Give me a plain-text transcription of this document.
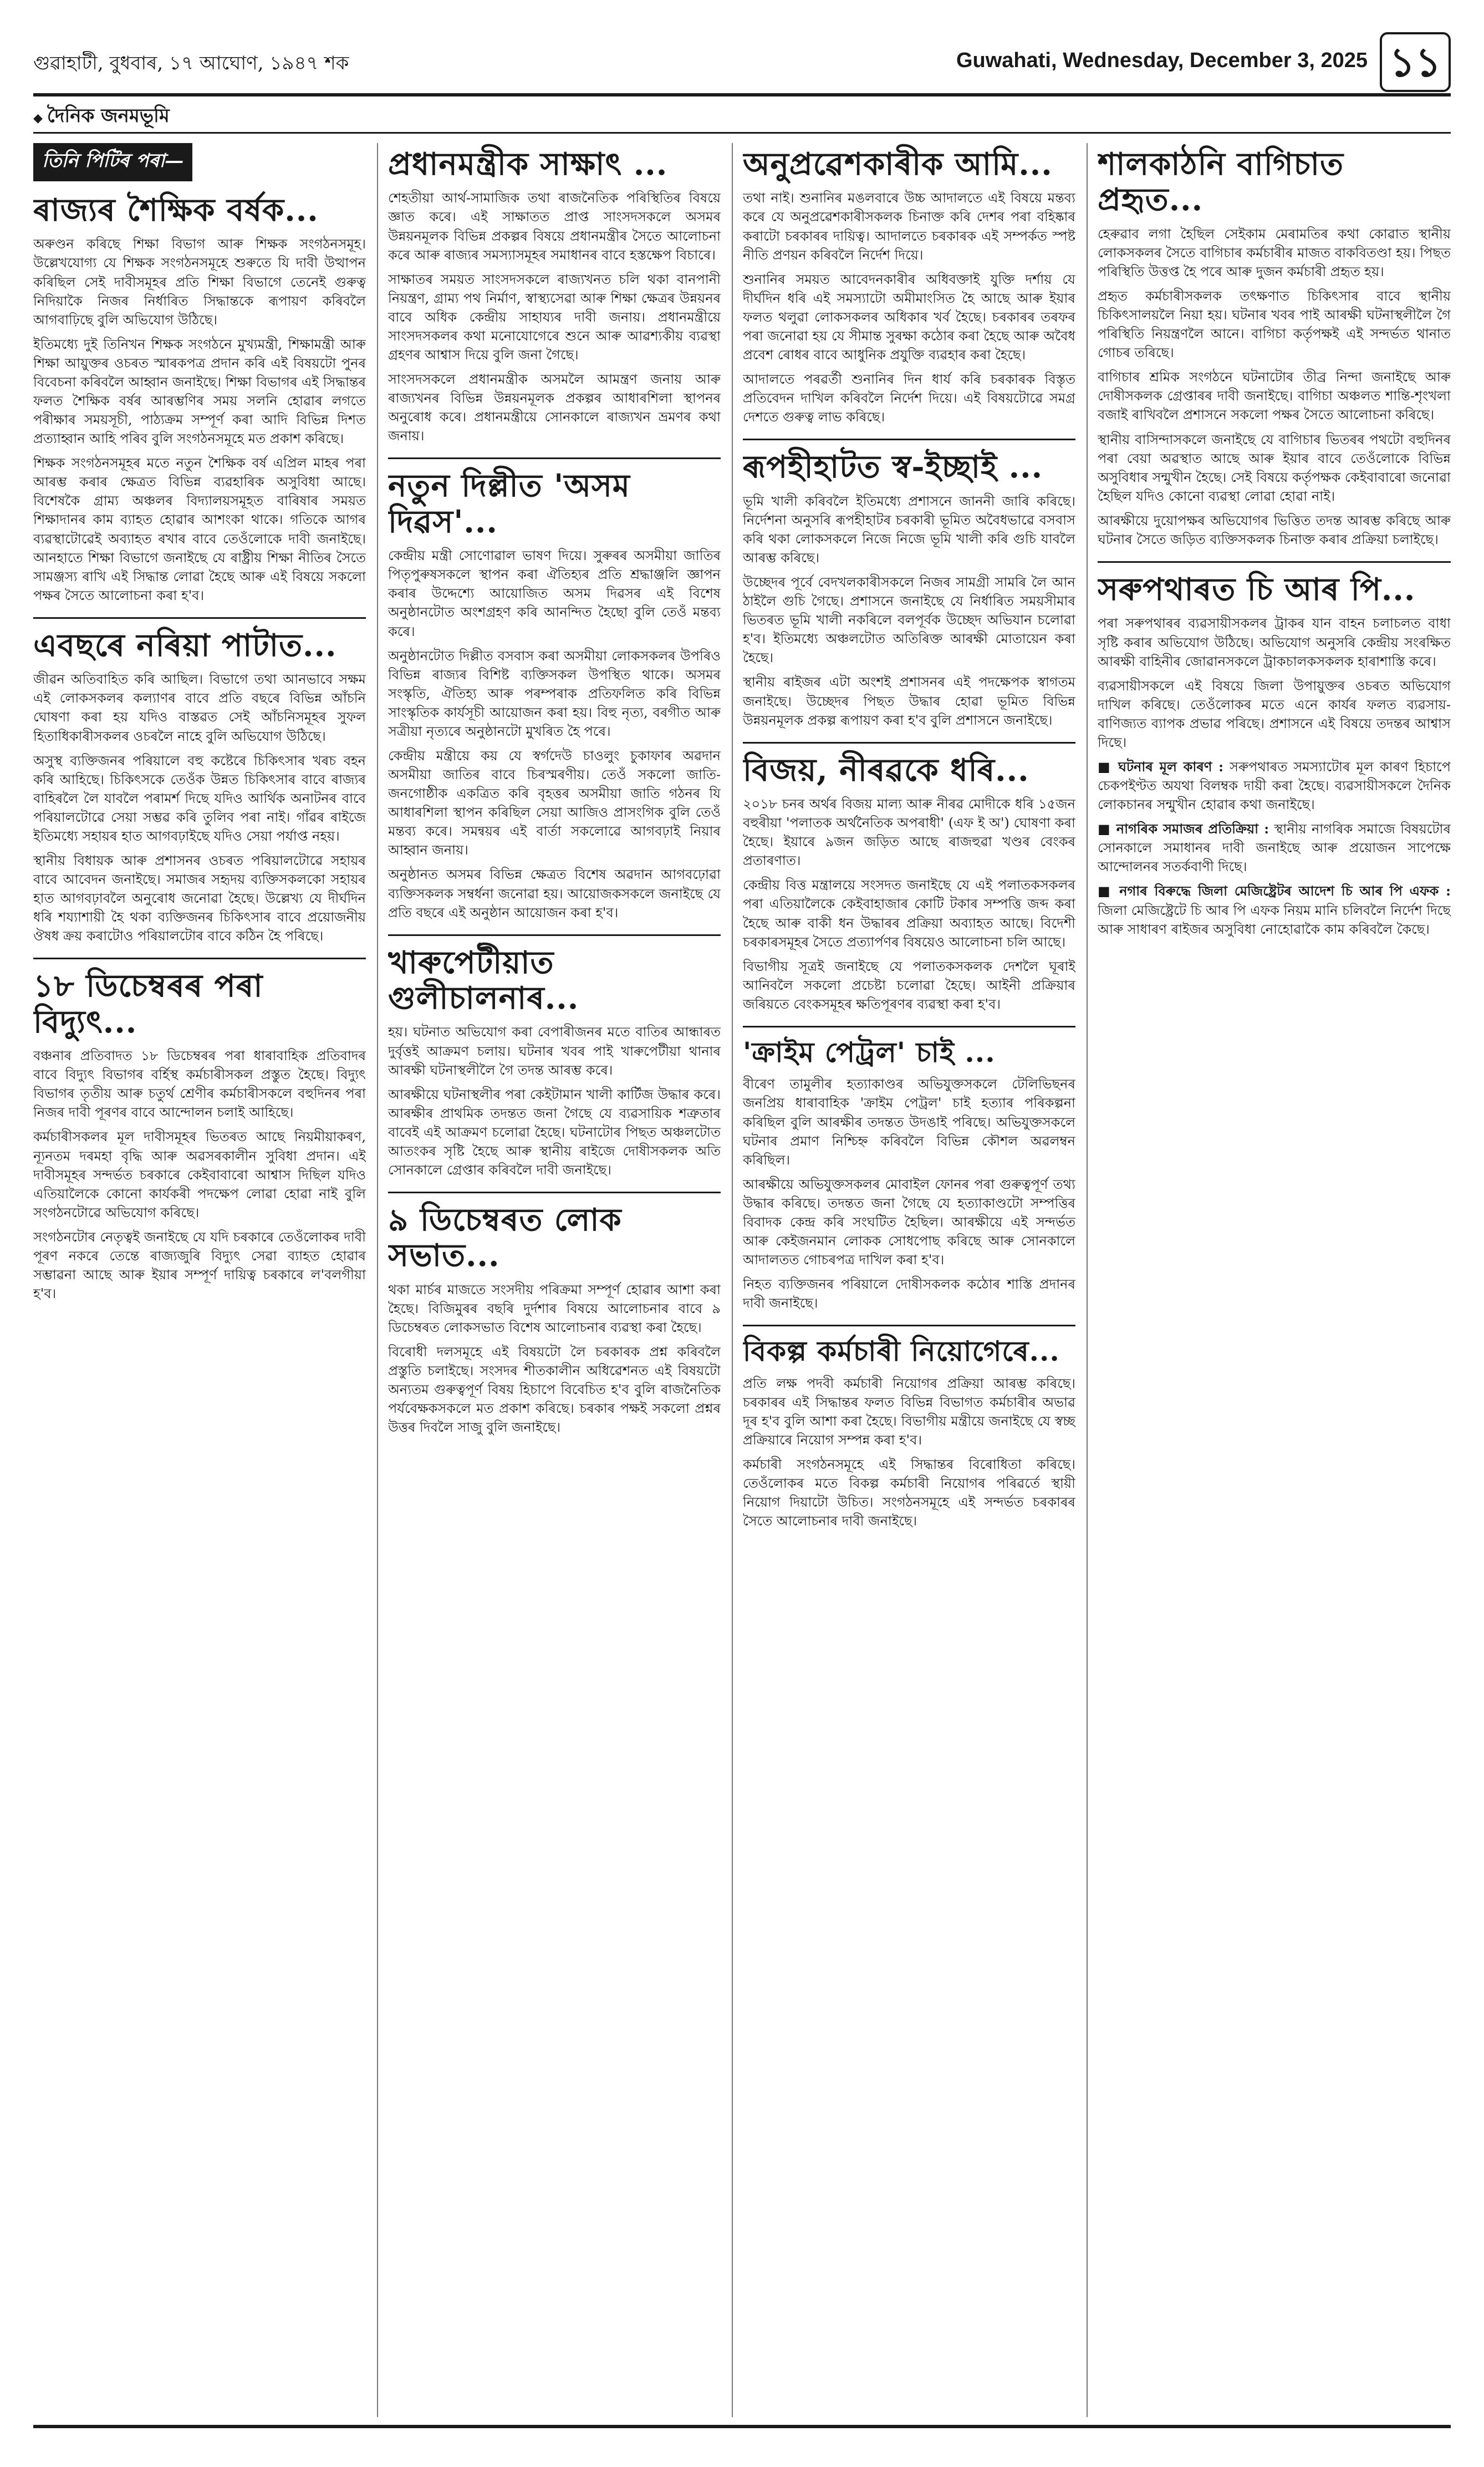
গুৱাহাটী, বুধবাৰ, ১৭ আঘোণ, ১৯৪৭ শক	Guwahati, Wednesday, December 3, 2025 ১১
◆ দৈনিক জনমভূমি
তিনি পিটিৰ পৰা—
ৰাজ্যৰ শৈক্ষিক বৰ্ষক...

অৰুণ্ডন কৰিছে শিক্ষা বিভাগ আৰু শিক্ষক সংগঠনসমূহ। উল্লেখযোগ্য যে শিক্ষক সংগঠনসমূহে শুৰুতে যি দাবী উত্থাপন কৰিছিল সেই দাবীসমূহৰ প্ৰতি শিক্ষা বিভাগে তেনেই গুৰুত্ব নিদিয়াকৈ নিজৰ নিৰ্ধাৰিত সিদ্ধান্তকে ৰূপায়ণ কৰিবলৈ আগবাঢ়িছে বুলি অভিযোগ উঠিছে।

ইতিমধ্যে দুই তিনিখন শিক্ষক সংগঠনে মুখ্যমন্ত্ৰী, শিক্ষামন্ত্ৰী আৰু শিক্ষা আয়ুক্তৰ ওচৰত স্মাৰকপত্ৰ প্ৰদান কৰি এই বিষয়টো পুনৰ বিবেচনা কৰিবলৈ আহ্বান জনাইছে। শিক্ষা বিভাগৰ এই সিদ্ধান্তৰ ফলত শৈক্ষিক বৰ্ষৰ আৰম্ভণিৰ সময় সলনি হোৱাৰ লগতে পৰীক্ষাৰ সময়সূচী, পাঠ্যক্ৰম সম্পূৰ্ণ কৰা আদি বিভিন্ন দিশত প্ৰত্যাহ্বান আহি পৰিব বুলি সংগঠনসমূহে মত প্ৰকাশ কৰিছে।

শিক্ষক সংগঠনসমূহৰ মতে নতুন শৈক্ষিক বৰ্ষ এপ্ৰিল মাহৰ পৰা আৰম্ভ কৰাৰ ক্ষেত্ৰত বিভিন্ন ব্যৱহাৰিক অসুবিধা আছে। বিশেষকৈ গ্ৰাম্য অঞ্চলৰ বিদ্যালয়সমূহত বাৰিষাৰ সময়ত শিক্ষাদানৰ কাম ব্যাহত হোৱাৰ আশংকা থাকে। গতিকে আগৰ ব্যৱস্থাটোৱেই অব্যাহত ৰখাৰ বাবে তেওঁলোকে দাবী জনাইছে। আনহাতে শিক্ষা বিভাগে জনাইছে যে ৰাষ্ট্ৰীয় শিক্ষা নীতিৰ সৈতে সামঞ্জস্য ৰাখি এই সিদ্ধান্ত লোৱা হৈছে আৰু এই বিষয়ে সকলো পক্ষৰ সৈতে আলোচনা কৰা হ'ব।

এবছৰে নৰিয়া পাটাত...

জীৱন অতিবাহিত কৰি আছিল। বিভাগে তথা আনভাবে সক্ষম এই লোকসকলৰ কল্যাণৰ বাবে প্ৰতি বছৰে বিভিন্ন আঁচনি ঘোষণা কৰা হয় যদিও বাস্তৱত সেই আঁচনিসমূহৰ সুফল হিতাধিকাৰীসকলৰ ওচৰলৈ নাহে বুলি অভিযোগ উঠিছে।

অসুস্থ ব্যক্তিজনৰ পৰিয়ালে বহু কষ্টেৰে চিকিৎসাৰ খৰচ বহন কৰি আহিছে। চিকিৎসকে তেওঁক উন্নত চিকিৎসাৰ বাবে ৰাজ্যৰ বাহিৰলৈ লৈ যাবলৈ পৰামৰ্শ দিছে যদিও আৰ্থিক অনাটনৰ বাবে পৰিয়ালটোৱে সেয়া সম্ভৱ কৰি তুলিব পৰা নাই। গাঁৱৰ ৰাইজে ইতিমধ্যে সহায়ৰ হাত আগবঢ়াইছে যদিও সেয়া পৰ্যাপ্ত নহয়।

স্থানীয় বিধায়ক আৰু প্ৰশাসনৰ ওচৰত পৰিয়ালটোৱে সহায়ৰ বাবে আবেদন জনাইছে। সমাজৰ সহৃদয় ব্যক্তিসকলকো সহায়ৰ হাত আগবঢ়াবলৈ অনুৰোধ জনোৱা হৈছে। উল্লেখ্য যে দীৰ্ঘদিন ধৰি শয্যাশায়ী হৈ থকা ব্যক্তিজনৰ চিকিৎসাৰ বাবে প্ৰয়োজনীয় ঔষধ ক্ৰয় কৰাটোও পৰিয়ালটোৰ বাবে কঠিন হৈ পৰিছে।

১৮ ডিচেম্বৰৰ পৰা বিদ্যুৎ...

বঞ্চনাৰ প্ৰতিবাদত ১৮ ডিচেম্বৰৰ পৰা ধাৰাবাহিক প্ৰতিবাদৰ বাবে বিদ্যুৎ বিভাগৰ বৰ্হিস্থ কৰ্মচাৰীসকল প্ৰস্তুত হৈছে। বিদ্যুৎ বিভাগৰ তৃতীয় আৰু চতুৰ্থ শ্ৰেণীৰ কৰ্মচাৰীসকলে বহুদিনৰ পৰা নিজৰ দাবী পূৰণৰ বাবে আন্দোলন চলাই আহিছে।

কৰ্মচাৰীসকলৰ মূল দাবীসমূহৰ ভিতৰত আছে নিয়মীয়াকৰণ, ন্যূনতম দৰমহা বৃদ্ধি আৰু অৱসৰকালীন সুবিধা প্ৰদান। এই দাবীসমূহৰ সন্দৰ্ভত চৰকাৰে কেইবাবাৰো আশ্বাস দিছিল যদিও এতিয়ালৈকে কোনো কাৰ্যকৰী পদক্ষেপ লোৱা হোৱা নাই বুলি সংগঠনটোৱে অভিযোগ কৰিছে।

সংগঠনটোৰ নেতৃত্বই জনাইছে যে যদি চৰকাৰে তেওঁলোকৰ দাবী পূৰণ নকৰে তেন্তে ৰাজ্যজুৰি বিদ্যুৎ সেৱা ব্যাহত হোৱাৰ সম্ভাৱনা আছে আৰু ইয়াৰ সম্পূৰ্ণ দায়িত্ব চৰকাৰে ল'বলগীয়া হ'ব।

প্ৰধানমন্ত্ৰীক সাক্ষাৎ ...

শেহতীয়া আৰ্থ-সামাজিক তথা ৰাজনৈতিক পৰিস্থিতিৰ বিষয়ে জ্ঞাত কৰে। এই সাক্ষাতত প্ৰাপ্ত সাংসদসকলে অসমৰ উন্নয়নমূলক বিভিন্ন প্ৰকল্পৰ বিষয়ে প্ৰধানমন্ত্ৰীৰ সৈতে আলোচনা কৰে আৰু ৰাজ্যৰ সমস্যাসমূহৰ সমাধানৰ বাবে হস্তক্ষেপ বিচাৰে।

সাক্ষাতৰ সময়ত সাংসদসকলে ৰাজ্যখনত চলি থকা বানপানী নিয়ন্ত্ৰণ, গ্ৰাম্য পথ নিৰ্মাণ, স্বাস্থ্যসেৱা আৰু শিক্ষা ক্ষেত্ৰৰ উন্নয়নৰ বাবে অধিক কেন্দ্ৰীয় সাহায্যৰ দাবী জনায়। প্ৰধানমন্ত্ৰীয়ে সাংসদসকলৰ কথা মনোযোগেৰে শুনে আৰু আৱশ্যকীয় ব্যৱস্থা গ্ৰহণৰ আশ্বাস দিয়ে বুলি জনা গৈছে।

সাংসদসকলে প্ৰধানমন্ত্ৰীক অসমলৈ আমন্ত্ৰণ জনায় আৰু ৰাজ্যখনৰ বিভিন্ন উন্নয়নমূলক প্ৰকল্পৰ আধাৰশিলা স্থাপনৰ অনুৰোধ কৰে। প্ৰধানমন্ত্ৰীয়ে সোনকালে ৰাজ্যখন ভ্ৰমণৰ কথা জনায়।

নতুন দিল্লীত 'অসম দিৱস'...

কেন্দ্ৰীয় মন্ত্ৰী সোণোৱাল ভাষণ দিয়ে। সুৰুৰৰ অসমীয়া জাতিৰ পিতৃপুৰুষসকলে স্থাপন কৰা ঐতিহ্যৰ প্ৰতি শ্ৰদ্ধাঞ্জলি জ্ঞাপন কৰাৰ উদ্দেশ্যে আয়োজিত অসম দিৱসৰ এই বিশেষ অনুষ্ঠানটোত অংশগ্ৰহণ কৰি আনন্দিত হৈছো বুলি তেওঁ মন্তব্য কৰে।

অনুষ্ঠানটোত দিল্লীত বসবাস কৰা অসমীয়া লোকসকলৰ উপৰিও বিভিন্ন ৰাজ্যৰ বিশিষ্ট ব্যক্তিসকল উপস্থিত থাকে। অসমৰ সংস্কৃতি, ঐতিহ্য আৰু পৰম্পৰাক প্ৰতিফলিত কৰি বিভিন্ন সাংস্কৃতিক কাৰ্যসূচী আয়োজন কৰা হয়। বিহু নৃত্য, বৰগীত আৰু সত্ৰীয়া নৃত্যৰে অনুষ্ঠানটো মুখৰিত হৈ পৰে।

কেন্দ্ৰীয় মন্ত্ৰীয়ে কয় যে স্বৰ্গদেউ চাওলুং চুকাফাৰ অৱদান অসমীয়া জাতিৰ বাবে চিৰস্মৰণীয়। তেওঁ সকলো জাতি-জনগোষ্ঠীক একত্ৰিত কৰি বৃহত্তৰ অসমীয়া জাতি গঠনৰ যি আধাৰশিলা স্থাপন কৰিছিল সেয়া আজিও প্ৰাসংগিক বুলি তেওঁ মন্তব্য কৰে। সমন্বয়ৰ এই বাৰ্তা সকলোৱে আগবঢ়াই নিয়াৰ আহ্বান জনায়।

অনুষ্ঠানত অসমৰ বিভিন্ন ক্ষেত্ৰত বিশেষ অৱদান আগবঢ়োৱা ব্যক্তিসকলক সম্বৰ্ধনা জনোৱা হয়। আয়োজকসকলে জনাইছে যে প্ৰতি বছৰে এই অনুষ্ঠান আয়োজন কৰা হ'ব।

খাৰুপেটীয়াত গুলীচালনাৰ...

হয়। ঘটনাত অভিযোগ কৰা বেপাৰীজনৰ মতে বাতিৰ আন্ধাৰত দুৰ্বৃত্তই আক্ৰমণ চলায়। ঘটনাৰ খবৰ পাই খাৰুপেটীয়া থানাৰ আৰক্ষী ঘটনাস্থলীলৈ গৈ তদন্ত আৰম্ভ কৰে।

আৰক্ষীয়ে ঘটনাস্থলীৰ পৰা কেইটামান খালী কাৰ্টিজ উদ্ধাৰ কৰে। আৰক্ষীৰ প্ৰাথমিক তদন্তত জনা গৈছে যে ব্যৱসায়িক শত্ৰুতাৰ বাবেই এই আক্ৰমণ চলোৱা হৈছে। ঘটনাটোৰ পিছত অঞ্চলটোত আতংকৰ সৃষ্টি হৈছে আৰু স্থানীয় ৰাইজে দোষীসকলক অতি সোনকালে গ্ৰেপ্তাৰ কৰিবলৈ দাবী জনাইছে।

৯ ডিচেম্বৰত লোক সভাত...

থকা মাৰ্চৰ মাজতে সংসদীয় পৰিক্ৰমা সম্পূৰ্ণ হোৱাৰ আশা কৰা হৈছে। বিজিমুৰৰ বছৰি দুৰ্দশাৰ বিষয়ে আলোচনাৰ বাবে ৯ ডিচেম্বৰত লোকসভাত বিশেষ আলোচনাৰ ব্যৱস্থা কৰা হৈছে।

বিৰোধী দলসমূহে এই বিষয়টো লৈ চৰকাৰক প্ৰশ্ন কৰিবলৈ প্ৰস্তুতি চলাইছে। সংসদৰ শীতকালীন অধিৱেশনত এই বিষয়টো অন্যতম গুৰুত্বপূৰ্ণ বিষয় হিচাপে বিবেচিত হ'ব বুলি ৰাজনৈতিক পৰ্যবেক্ষকসকলে মত প্ৰকাশ কৰিছে। চৰকাৰ পক্ষই সকলো প্ৰশ্নৰ উত্তৰ দিবলৈ সাজু বুলি জনাইছে।

অনুপ্ৰৱেশকাৰীক আমি...

তথা নাই। শুনানিৰ মঙলবাৰে উচ্চ আদালতে এই বিষয়ে মন্তব্য কৰে যে অনুপ্ৰৱেশকাৰীসকলক চিনাক্ত কৰি দেশৰ পৰা বহিষ্কাৰ কৰাটো চৰকাৰৰ দায়িত্ব। আদালতে চৰকাৰক এই সম্পৰ্কত স্পষ্ট নীতি প্ৰণয়ন কৰিবলৈ নিৰ্দেশ দিয়ে।

শুনানিৰ সময়ত আবেদনকাৰীৰ অধিবক্তাই যুক্তি দৰ্শায় যে দীৰ্ঘদিন ধৰি এই সমস্যাটো অমীমাংসিত হৈ আছে আৰু ইয়াৰ ফলত থলুৱা লোকসকলৰ অধিকাৰ খৰ্ব হৈছে। চৰকাৰৰ তৰফৰ পৰা জনোৱা হয় যে সীমান্ত সুৰক্ষা কঠোৰ কৰা হৈছে আৰু অবৈধ প্ৰবেশ ৰোধৰ বাবে আধুনিক প্ৰযুক্তি ব্যৱহাৰ কৰা হৈছে।

আদালতে পৰৱৰ্তী শুনানিৰ দিন ধাৰ্য কৰি চৰকাৰক বিস্তৃত প্ৰতিবেদন দাখিল কৰিবলৈ নিৰ্দেশ দিয়ে। এই বিষয়টোৱে সমগ্ৰ দেশতে গুৰুত্ব লাভ কৰিছে।

ৰূপহীহাটত স্ব-ইচ্ছাই ...

ভূমি খালী কৰিবলৈ ইতিমধ্যে প্ৰশাসনে জাননী জাৰি কৰিছে। নিৰ্দেশনা অনুসৰি ৰূপহীহাটৰ চৰকাৰী ভূমিত অবৈধভাৱে বসবাস কৰি থকা লোকসকলে নিজে নিজে ভূমি খালী কৰি গুচি যাবলৈ আৰম্ভ কৰিছে।

উচ্ছেদৰ পূৰ্বে বেদখলকাৰীসকলে নিজৰ সামগ্ৰী সামৰি লৈ আন ঠাইলৈ গুচি গৈছে। প্ৰশাসনে জনাইছে যে নিৰ্ধাৰিত সময়সীমাৰ ভিতৰত ভূমি খালী নকৰিলে বলপূৰ্বক উচ্ছেদ অভিযান চলোৱা হ'ব। ইতিমধ্যে অঞ্চলটোত অতিৰিক্ত আৰক্ষী মোতায়েন কৰা হৈছে।

স্থানীয় ৰাইজৰ এটা অংশই প্ৰশাসনৰ এই পদক্ষেপক স্বাগতম জনাইছে। উচ্ছেদৰ পিছত উদ্ধাৰ হোৱা ভূমিত বিভিন্ন উন্নয়নমূলক প্ৰকল্প ৰূপায়ণ কৰা হ'ব বুলি প্ৰশাসনে জনাইছে।

বিজয়, নীৰৱকে ধৰি...

২০১৮ চনৰ অৰ্থৰ বিজয় মাল্য আৰু নীৰৱ মোদীকে ধৰি ১৫জন বহুৰীয়া 'পলাতক অৰ্থনৈতিক অপৰাধী' (এফ ই অ') ঘোষণা কৰা হৈছে। ইয়াৰে ৯জন জড়িত আছে ৰাজহুৱা খণ্ডৰ বেংকৰ প্ৰতাৰণাত।

কেন্দ্ৰীয় বিত্ত মন্ত্ৰালয়ে সংসদত জনাইছে যে এই পলাতকসকলৰ পৰা এতিয়ালৈকে কেইবাহাজাৰ কোটি টকাৰ সম্পত্তি জব্দ কৰা হৈছে আৰু বাকী ধন উদ্ধাৰৰ প্ৰক্ৰিয়া অব্যাহত আছে। বিদেশী চৰকাৰসমূহৰ সৈতে প্ৰত্যাৰ্পণৰ বিষয়েও আলোচনা চলি আছে।

বিভাগীয় সূত্ৰই জনাইছে যে পলাতকসকলক দেশলৈ ঘূৰাই আনিবলৈ সকলো প্ৰচেষ্টা চলোৱা হৈছে। আইনী প্ৰক্ৰিয়াৰ জৰিয়তে বেংকসমূহৰ ক্ষতিপূৰণৰ ব্যৱস্থা কৰা হ'ব।

'ক্ৰাইম পেট্ৰল' চাই ...

বীৰেণ তামুলীৰ হত্যাকাণ্ডৰ অভিযুক্তসকলে টেলিভিছনৰ জনপ্ৰিয় ধাৰাবাহিক 'ক্ৰাইম পেট্ৰল' চাই হত্যাৰ পৰিকল্পনা কৰিছিল বুলি আৰক্ষীৰ তদন্তত উদঙাই পৰিছে। অভিযুক্তসকলে ঘটনাৰ প্ৰমাণ নিশ্চিহ্ন কৰিবলৈ বিভিন্ন কৌশল অৱলম্বন কৰিছিল।

আৰক্ষীয়ে অভিযুক্তসকলৰ মোবাইল ফোনৰ পৰা গুৰুত্বপূৰ্ণ তথ্য উদ্ধাৰ কৰিছে। তদন্তত জনা গৈছে যে হত্যাকাণ্ডটো সম্পত্তিৰ বিবাদক কেন্দ্ৰ কৰি সংঘটিত হৈছিল। আৰক্ষীয়ে এই সন্দৰ্ভত আৰু কেইজনমান লোকক সোধপোছ কৰিছে আৰু সোনকালে আদালতত গোচৰপত্ৰ দাখিল কৰা হ'ব।

নিহত ব্যক্তিজনৰ পৰিয়ালে দোষীসকলক কঠোৰ শাস্তি প্ৰদানৰ দাবী জনাইছে।

বিকল্প কৰ্মচাৰী নিয়োগেৰে...

প্ৰতি লক্ষ পদবী কৰ্মচাৰী নিয়োগৰ প্ৰক্ৰিয়া আৰম্ভ কৰিছে। চৰকাৰৰ এই সিদ্ধান্তৰ ফলত বিভিন্ন বিভাগত কৰ্মচাৰীৰ অভাৱ দূৰ হ'ব বুলি আশা কৰা হৈছে। বিভাগীয় মন্ত্ৰীয়ে জনাইছে যে স্বচ্ছ প্ৰক্ৰিয়াৰে নিয়োগ সম্পন্ন কৰা হ'ব।

কৰ্মচাৰী সংগঠনসমূহে এই সিদ্ধান্তৰ বিৰোধিতা কৰিছে। তেওঁলোকৰ মতে বিকল্প কৰ্মচাৰী নিয়োগৰ পৰিৱৰ্তে স্থায়ী নিয়োগ দিয়াটো উচিত। সংগঠনসমূহে এই সন্দৰ্ভত চৰকাৰৰ সৈতে আলোচনাৰ দাবী জনাইছে।

শালকাঠনি বাগিচাত প্ৰহৃত...

হেৰুৱাব লগা হৈছিল সেইকাম মেৰামতিৰ কথা কোৱাত স্থানীয় লোকসকলৰ সৈতে বাগিচাৰ কৰ্মচাৰীৰ মাজত বাকবিতণ্ডা হয়। পিছত পৰিস্থিতি উত্তপ্ত হৈ পৰে আৰু দুজন কৰ্মচাৰী প্ৰহৃত হয়।

প্ৰহৃত কৰ্মচাৰীসকলক তৎক্ষণাত চিকিৎসাৰ বাবে স্থানীয় চিকিৎসালয়লৈ নিয়া হয়। ঘটনাৰ খবৰ পাই আৰক্ষী ঘটনাস্থলীলৈ গৈ পৰিস্থিতি নিয়ন্ত্ৰণলৈ আনে। বাগিচা কৰ্তৃপক্ষই এই সন্দৰ্ভত থানাত গোচৰ তৰিছে।

বাগিচাৰ শ্ৰমিক সংগঠনে ঘটনাটোৰ তীব্ৰ নিন্দা জনাইছে আৰু দোষীসকলক গ্ৰেপ্তাৰৰ দাবী জনাইছে। বাগিচা অঞ্চলত শান্তি-শৃংখলা বজাই ৰাখিবলৈ প্ৰশাসনে সকলো পক্ষৰ সৈতে আলোচনা কৰিছে।

স্থানীয় বাসিন্দাসকলে জনাইছে যে বাগিচাৰ ভিতৰৰ পথটো বহুদিনৰ পৰা বেয়া অৱস্থাত আছে আৰু ইয়াৰ বাবে তেওঁলোকে বিভিন্ন অসুবিধাৰ সন্মুখীন হৈছে। সেই বিষয়ে কৰ্তৃপক্ষক কেইবাবাৰো জনোৱা হৈছিল যদিও কোনো ব্যৱস্থা লোৱা হোৱা নাই।

আৰক্ষীয়ে দুয়োপক্ষৰ অভিযোগৰ ভিত্তিত তদন্ত আৰম্ভ কৰিছে আৰু ঘটনাৰ সৈতে জড়িত ব্যক্তিসকলক চিনাক্ত কৰাৰ প্ৰক্ৰিয়া চলাইছে।

সৰুপথাৰত চি আৰ পি...

পৰা সৰুপথাৰৰ ব্যৱসায়ীসকলৰ ট্ৰাকৰ যান বাহন চলাচলত বাধা সৃষ্টি কৰাৰ অভিযোগ উঠিছে। অভিযোগ অনুসৰি কেন্দ্ৰীয় সংৰক্ষিত আৰক্ষী বাহিনীৰ জোৱানসকলে ট্ৰাকচালকসকলক হাৰাশাস্তি কৰে।

ব্যৱসায়ীসকলে এই বিষয়ে জিলা উপায়ুক্তৰ ওচৰত অভিযোগ দাখিল কৰিছে। তেওঁলোকৰ মতে এনে কাৰ্যৰ ফলত ব্যৱসায়-বাণিজ্যত ব্যাপক প্ৰভাৱ পৰিছে। প্ৰশাসনে এই বিষয়ে তদন্তৰ আশ্বাস দিছে।

■ ঘটনাৰ মূল কাৰণ : সৰুপথাৰত সমস্যাটোৰ মূল কাৰণ হিচাপে চেকপইণ্টত অযথা বিলম্বক দায়ী কৰা হৈছে। ব্যৱসায়ীসকলে দৈনিক লোকচানৰ সন্মুখীন হোৱাৰ কথা জনাইছে।

■ নাগৰিক সমাজৰ প্ৰতিক্ৰিয়া : স্থানীয় নাগৰিক সমাজে বিষয়টোৰ সোনকালে সমাধানৰ দাবী জনাইছে আৰু প্ৰয়োজন সাপেক্ষে আন্দোলনৰ সতৰ্কবাণী দিছে।

■ নগাৰ বিৰুদ্ধে জিলা মেজিষ্ট্ৰেটৰ আদেশ চি আৰ পি এফক : জিলা মেজিষ্ট্ৰেটে চি আৰ পি এফক নিয়ম মানি চলিবলৈ নিৰ্দেশ দিছে আৰু সাধাৰণ ৰাইজৰ অসুবিধা নোহোৱাকৈ কাম কৰিবলৈ কৈছে।
